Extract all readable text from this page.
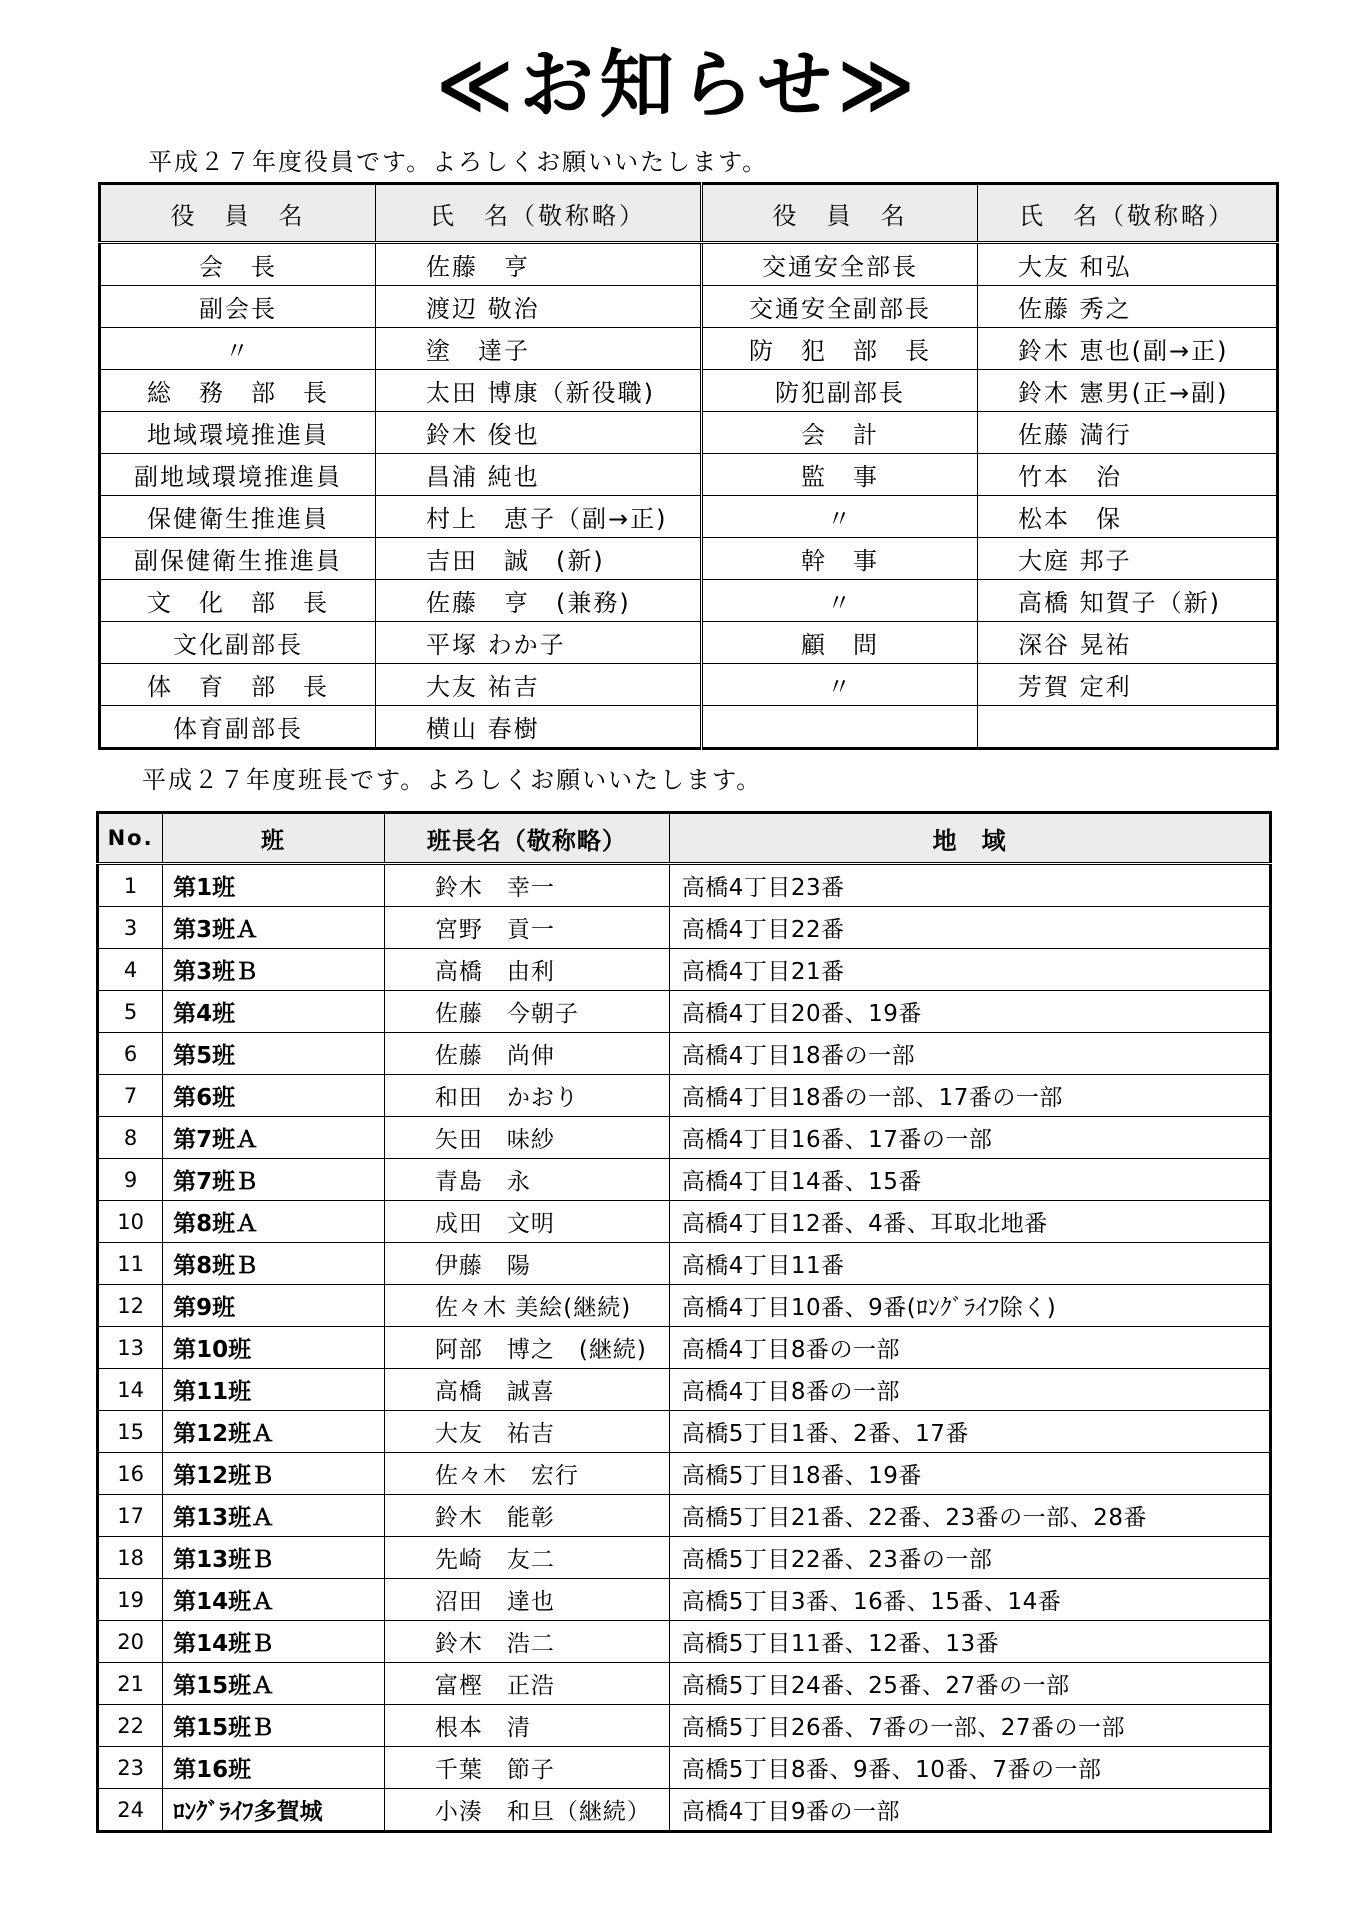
≪お知らせ≫
平成２７年度役員です。よろしくお願いいたします。
役　員　名	氏　名（敬称略）	役　員　名	氏　名（敬称略）
会　長	佐藤　亨	交通安全部長	大友 和弘
副会長	渡辺 敬治	交通安全副部長	佐藤 秀之
〃	塗　達子	防　犯　部　長	鈴木 恵也(副→正)
総　務　部　長	太田 博康（新役職)	防犯副部長	鈴木 憲男(正→副)
地域環境推進員	鈴木 俊也	会　計	佐藤 満行
副地域環境推進員	昌浦 純也	監　事	竹本　治
保健衛生推進員	村上　恵子（副→正)	〃	松本　保
副保健衛生推進員	吉田　誠　(新)	幹　事	大庭 邦子
文　化　部　長	佐藤　亨　(兼務)	〃	高橋 知賀子（新)
文化副部長	平塚 わか子	顧　問	深谷 晃祐
体　育　部　長	大友 祐吉	〃	芳賀 定利
体育副部長	横山 春樹		
平成２７年度班長です。よろしくお願いいたします。
No.	班	班長名（敬称略）	地　域
1	第1班	鈴木　幸一	高橋4丁目23番
3	第3班Ａ	宮野　貢一	高橋4丁目22番
4	第3班Ｂ	高橋　由利	高橋4丁目21番
5	第4班	佐藤　今朝子	高橋4丁目20番、19番
6	第5班	佐藤　尚伸	高橋4丁目18番の一部
7	第6班	和田　かおり	高橋4丁目18番の一部、17番の一部
8	第7班Ａ	矢田　味紗	高橋4丁目16番、17番の一部
9	第7班Ｂ	青島　永	高橋4丁目14番、15番
10	第8班Ａ	成田　文明	高橋4丁目12番、4番、耳取北地番
11	第8班Ｂ	伊藤　陽	高橋4丁目11番
12	第9班	佐々木 美絵(継続)	高橋4丁目10番、9番(ﾛﾝｸﾞﾗｲﾌ除く)
13	第10班	阿部　博之　(継続)	高橋4丁目8番の一部
14	第11班	高橋　誠喜	高橋4丁目8番の一部
15	第12班Ａ	大友　祐吉	高橋5丁目1番、2番、17番
16	第12班Ｂ	佐々木　宏行	高橋5丁目18番、19番
17	第13班Ａ	鈴木　能彰	高橋5丁目21番、22番、23番の一部、28番
18	第13班Ｂ	先崎　友二	高橋5丁目22番、23番の一部
19	第14班Ａ	沼田　達也	高橋5丁目3番、16番、15番、14番
20	第14班Ｂ	鈴木　浩二	高橋5丁目11番、12番、13番
21	第15班Ａ	富樫　正浩	高橋5丁目24番、25番、27番の一部
22	第15班Ｂ	根本　清	高橋5丁目26番、7番の一部、27番の一部
23	第16班	千葉　節子	高橋5丁目8番、9番、10番、7番の一部
24	ﾛﾝｸﾞﾗｲﾌ多賀城	小湊　和旦（継続）	高橋4丁目9番の一部
